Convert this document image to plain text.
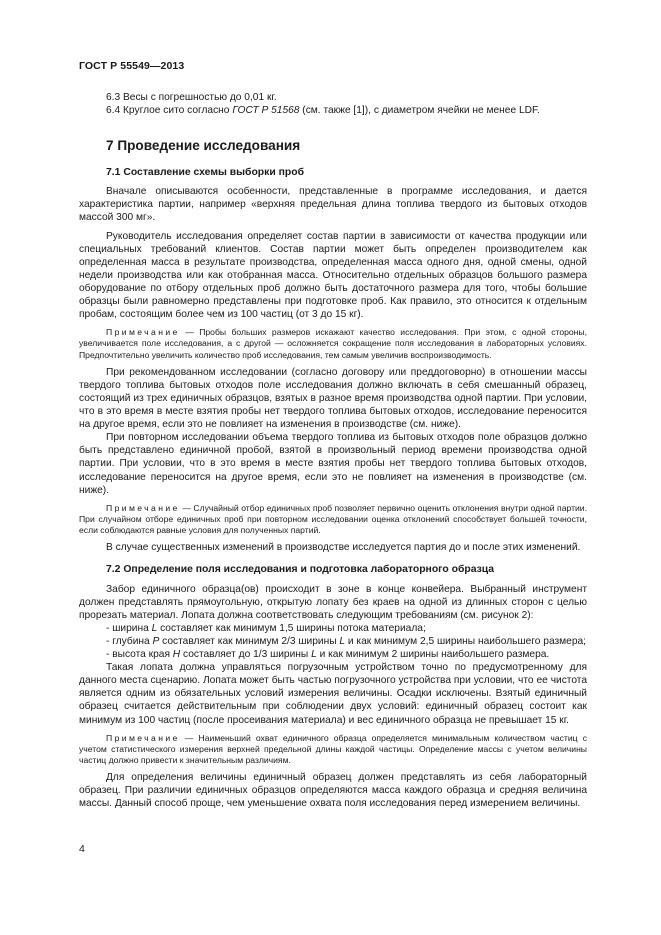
ГОСТ Р 55549—2013

6.3 Весы с погрешностью до 0,01 кг.

6.4 Круглое сито согласно ГОСТ Р 51568 (см. также [1]), с диаметром ячейки не менее LDF.

7 Проведение исследования
7.1 Составление схемы выборки проб

Вначале описываются особенности, представленные в программе исследования, и дается характеристика партии, например «верхняя предельная длина топлива твердого из бытовых отходов массой 300 мг».

Руководитель исследования определяет состав партии в зависимости от качества продукции или специальных требований клиентов. Состав партии может быть определен производителем как определенная масса в результате производства, определенная масса одного дня, одной смены, одной недели производства или как отобранная масса. Относительно отдельных образцов большого размера оборудование по отбору отдельных проб должно быть достаточного размера для того, чтобы большие образцы были равномерно представлены при подготовке проб. Как правило, это относится к отдельным пробам, состоящим более чем из 100 частиц (от 3 до 15 кг).

Примечание — Пробы больших размеров искажают качество исследования. При этом, с одной стороны, увеличивается поле исследования, а с другой — осложняется сокращение поля исследования в лабораторных условиях. Предпочтительно увеличить количество проб исследования, тем самым увеличив воспроизводимость.

При рекомендованном исследовании (согласно договору или преддоговорно) в отношении массы твердого топлива бытовых отходов поле исследования должно включать в себя смешанный образец, состоящий из трех единичных образцов, взятых в разное время производства одной партии. При условии, что в это время в месте взятия пробы нет твердого топлива бытовых отходов, исследование переносится на другое время, если это не повлияет на изменения в производстве (см. ниже).

При повторном исследовании объема твердого топлива из бытовых отходов поле образцов должно быть представлено единичной пробой, взятой в произвольный период времени производства одной партии. При условии, что в это время в месте взятия пробы нет твердого топлива бытовых отходов, исследование переносится на другое время, если это не повлияет на изменения в производстве (см. ниже).

Примечание — Случайный отбор единичных проб позволяет первично оценить отклонения внутри одной партии. При случайном отборе единичных проб при повторном исследовании оценка отклонений способствует большей точности, если соблюдаются равные условия для полученных партий.

В случае существенных изменений в производстве исследуется партия до и после этих изменений.

7.2 Определение поля исследования и подготовка лабораторного образца

Забор единичного образца(ов) происходит в зоне в конце конвейера. Выбранный инструмент должен представлять прямоугольную, открытую лопату без краев на одной из длинных сторон с целью прорезать материал. Лопата должна соответствовать следующим требованиям (см. рисунок 2):

- ширина L составляет как минимум 1,5 ширины потока материала;

- глубина P составляет как минимум 2/3 ширины L и как минимум 2,5 ширины наибольшего размера;

- высота края H составляет до 1/3 ширины L и как минимум 2 ширины наибольшего размера.

Такая лопата должна управляться погрузочным устройством точно по предусмотренному для данного места сценарию. Лопата может быть частью погрузочного устройства при условии, что ее чистота является одним из обязательных условий измерения величины. Осадки исключены. Взятый единичный образец считается действительным при соблюдении двух условий: единичный образец состоит как минимум из 100 частиц (после просеивания материала) и вес единичного образца не превышает 15 кг.

Примечание — Наименьший охват единичного образца определяется минимальным количеством частиц с учетом статистического измерения верхней предельной длины каждой частицы. Определение массы с учетом величины частиц должно привести к значительным различиям.

Для определения величины единичный образец должен представлять из себя лабораторный образец. При различии единичных образцов определяются масса каждого образца и средняя величина массы. Данный способ проще, чем уменьшение охвата поля исследования перед измерением величины.

4
